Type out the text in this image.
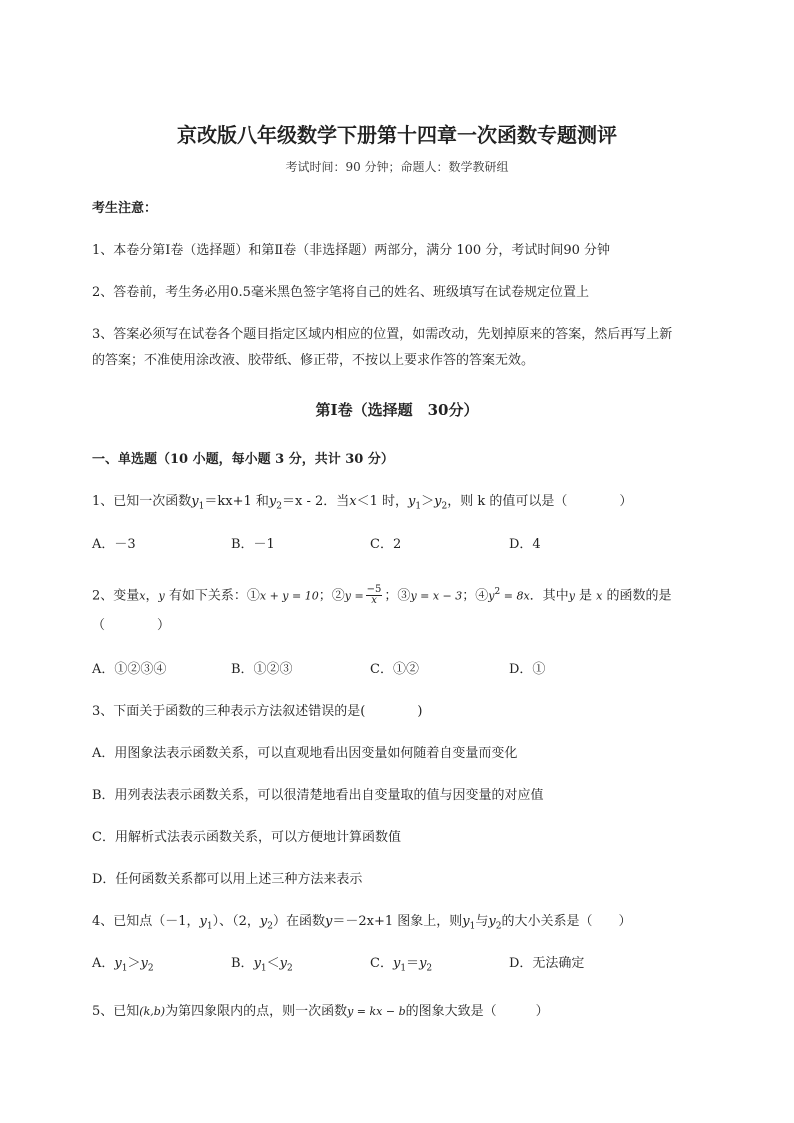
京改版八年级数学下册第十四章一次函数专题测评
考试时间：90 分钟；命题人：数学教研组
考生注意：
1、本卷分第Ⅰ卷（选择题）和第Ⅱ卷（非选择题）两部分，满分 100 分，考试时间90 分钟
2、答卷前，考生务必用0.5毫米黑色签字笔将自己的姓名、班级填写在试卷规定位置上
3、答案必须写在试卷各个题目指定区域内相应的位置，如需改动，先划掉原来的答案，然后再写上新
的答案；不准使用涂改液、胶带纸、修正带，不按以上要求作答的答案无效。
第Ⅰ卷（选择题　30分）
一、单选题（10 小题，每小题 3 分，共计 30 分）
1、已知一次函数$y_1=kx+1$ 和$y_2=x - 2$．当x＜1 时，$y_1>y_2$，则 k 的值可以是（　　　　）
A．－3	B．－1	C．2	D．4
2、变量x，y 有如下关系：①x + y = 10；②y = $\frac{-5}{x}$ ；③y = x − 3；$④y^2 = 8x$．其中y 是 x 的函数的是
（　　　　）
A．①②③④	B．①②③	C．①②	D．①
3、下面关于函数的三种表示方法叙述错误的是(　　　　)
A．用图象法表示函数关系，可以直观地看出因变量如何随着自变量而变化
B．用列表法表示函数关系，可以很清楚地看出自变量取的值与因变量的对应值
C．用解析式法表示函数关系，可以方便地计算函数值
D．任何函数关系都可以用上述三种方法来表示
4、已知点（－1，$y_1$）、（2，$y_2$）在函数y＝－2x+1 图象上，则$y_1$与$y_2$的大小关系是（　　）
A．$y_1>y_2$	B．$y_1<y_2$	C．$y_1=y_2$	D．无法确定
5、已知(k,b)为第四象限内的点，则一次函数y = kx − b的图象大致是（　　　）
